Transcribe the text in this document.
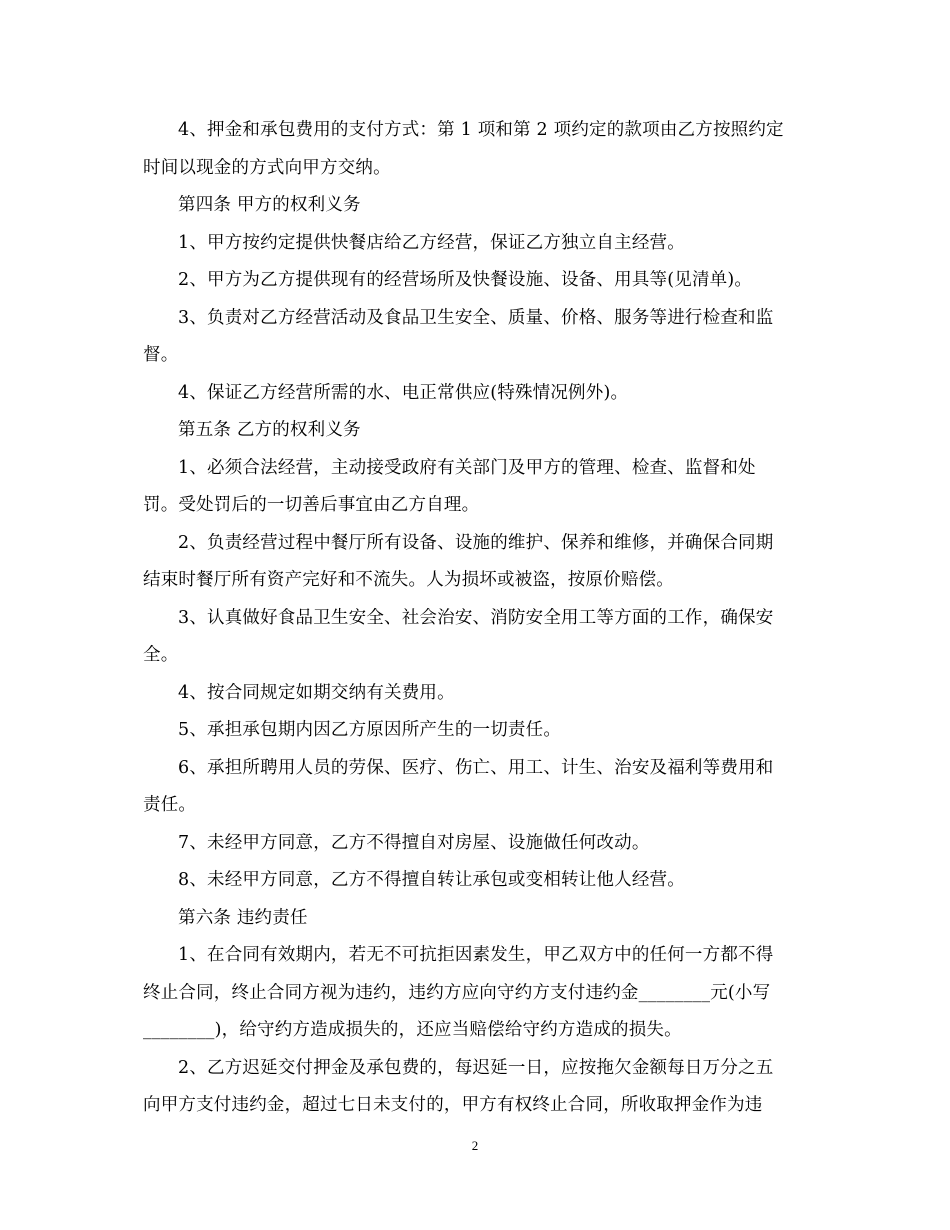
4、押金和承包费用的支付方式：第 1 项和第 2 项约定的款项由乙方按照约定
时间以现金的方式向甲方交纳。
第四条 甲方的权利义务
1、甲方按约定提供快餐店给乙方经营，保证乙方独立自主经营。
2、甲方为乙方提供现有的经营场所及快餐设施、设备、用具等(见清单)。
3、负责对乙方经营活动及食品卫生安全、质量、价格、服务等进行检查和监
督。
4、保证乙方经营所需的水、电正常供应(特殊情况例外)。
第五条 乙方的权利义务
1、必须合法经营，主动接受政府有关部门及甲方的管理、检查、监督和处
罚。受处罚后的一切善后事宜由乙方自理。
2、负责经营过程中餐厅所有设备、设施的维护、保养和维修，并确保合同期
结束时餐厅所有资产完好和不流失。人为损坏或被盗，按原价赔偿。
3、认真做好食品卫生安全、社会治安、消防安全用工等方面的工作，确保安
全。
4、按合同规定如期交纳有关费用。
5、承担承包期内因乙方原因所产生的一切责任。
6、承担所聘用人员的劳保、医疗、伤亡、用工、计生、治安及福利等费用和
责任。
7、未经甲方同意，乙方不得擅自对房屋、设施做任何改动。
8、未经甲方同意，乙方不得擅自转让承包或变相转让他人经营。
第六条 违约责任
1、在合同有效期内，若无不可抗拒因素发生，甲乙双方中的任何一方都不得
终止合同，终止合同方视为违约，违约方应向守约方支付违约金________元(小写
________)，给守约方造成损失的，还应当赔偿给守约方造成的损失。
2、乙方迟延交付押金及承包费的，每迟延一日，应按拖欠金额每日万分之五
向甲方支付违约金，超过七日未支付的，甲方有权终止合同，所收取押金作为违
2
